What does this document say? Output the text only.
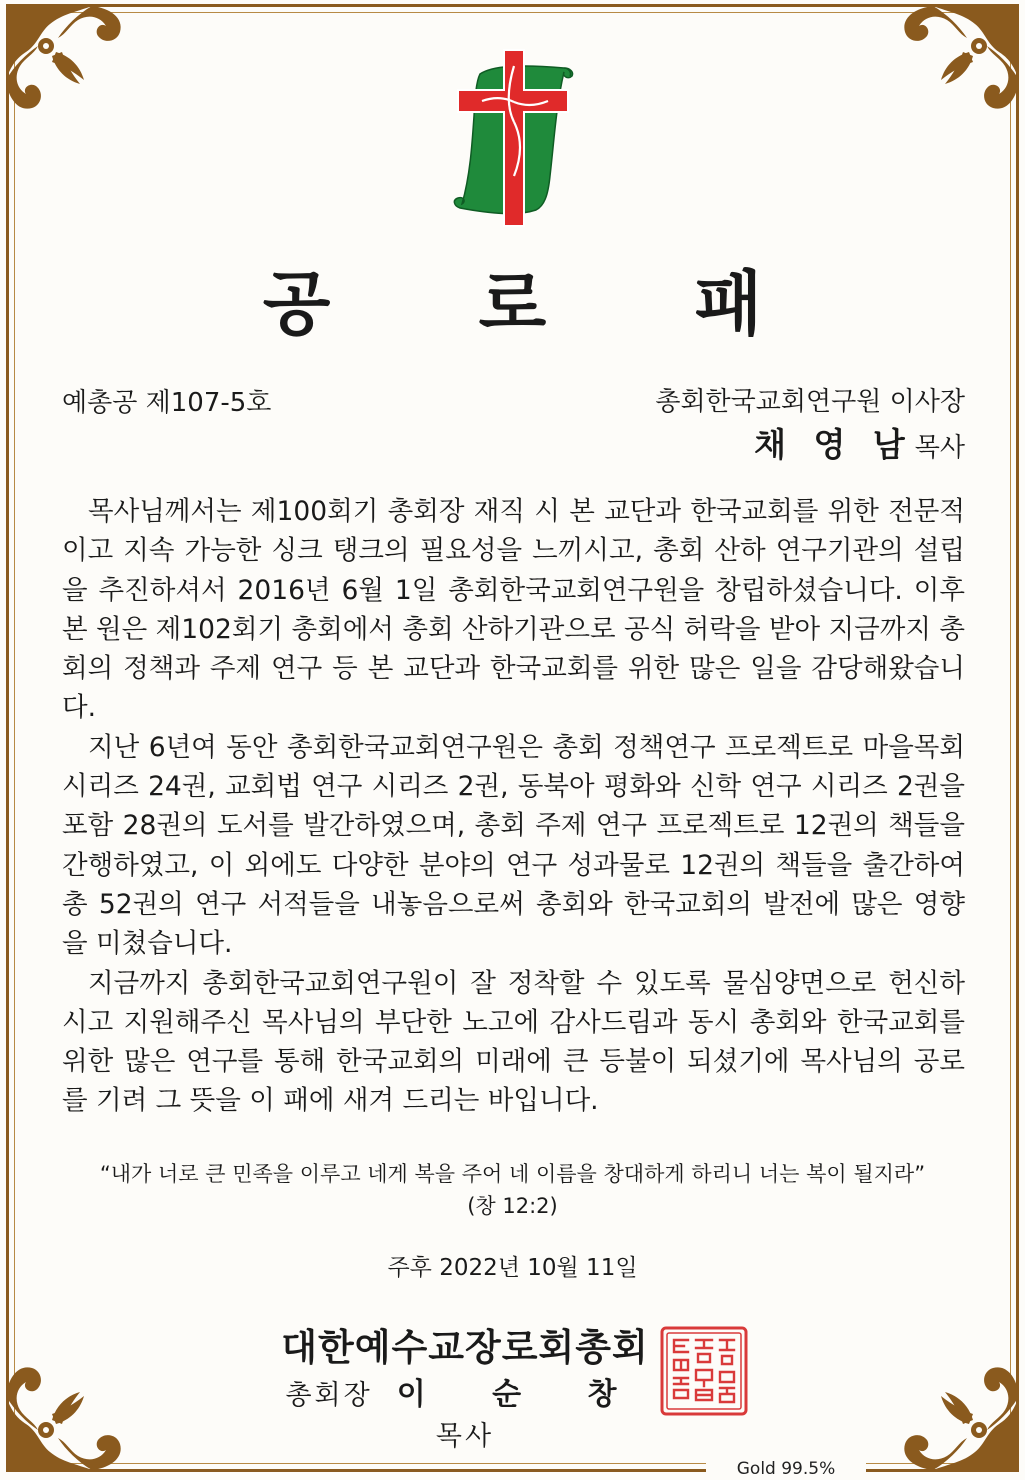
공 로 패
예총공 제107-5호	총회한국교회연구원 이사장
채 영 남목사

목사님께서는 제100회기 총회장 재직 시 본 교단과 한국교회를 위한 전문적이고 지속 가능한 싱크 탱크의 필요성을 느끼시고, 총회 산하 연구기관의 설립을 추진하셔서 2016년 6월 1일 총회한국교회연구원을 창립하셨습니다. 이후 본 원은 제102회기 총회에서 총회 산하기관으로 공식 허락을 받아 지금까지 총회의 정책과 주제 연구 등 본 교단과 한국교회를 위한 많은 일을 감당해왔습니다.

지난 6년여 동안 총회한국교회연구원은 총회 정책연구 프로젝트로 마을목회 시리즈 24권, 교회법 연구 시리즈 2권, 동북아 평화와 신학 연구 시리즈 2권을 포함 28권의 도서를 발간하였으며, 총회 주제 연구 프로젝트로 12권의 책들을 간행하였고, 이 외에도 다양한 분야의 연구 성과물로 12권의 책들을 출간하여 총 52권의 연구 서적들을 내놓음으로써 총회와 한국교회의 발전에 많은 영향을 미쳤습니다.

지금까지 총회한국교회연구원이 잘 정착할 수 있도록 물심양면으로 헌신하시고 지원해주신 목사님의 부단한 노고에 감사드림과 동시 총회와 한국교회를 위한 많은 연구를 통해 한국교회의 미래에 큰 등불이 되셨기에 목사님의 공로를 기려 그 뜻을 이 패에 새겨 드리는 바입니다.

“내가 너로 큰 민족을 이루고 네게 복을 주어 네 이름을 창대하게 하리니 너는 복이 될지라”
(창 12:2)
주후 2022년 10월 11일
대한예수교장로회총회
총회장 이 순 창목사
Gold 99.5%
